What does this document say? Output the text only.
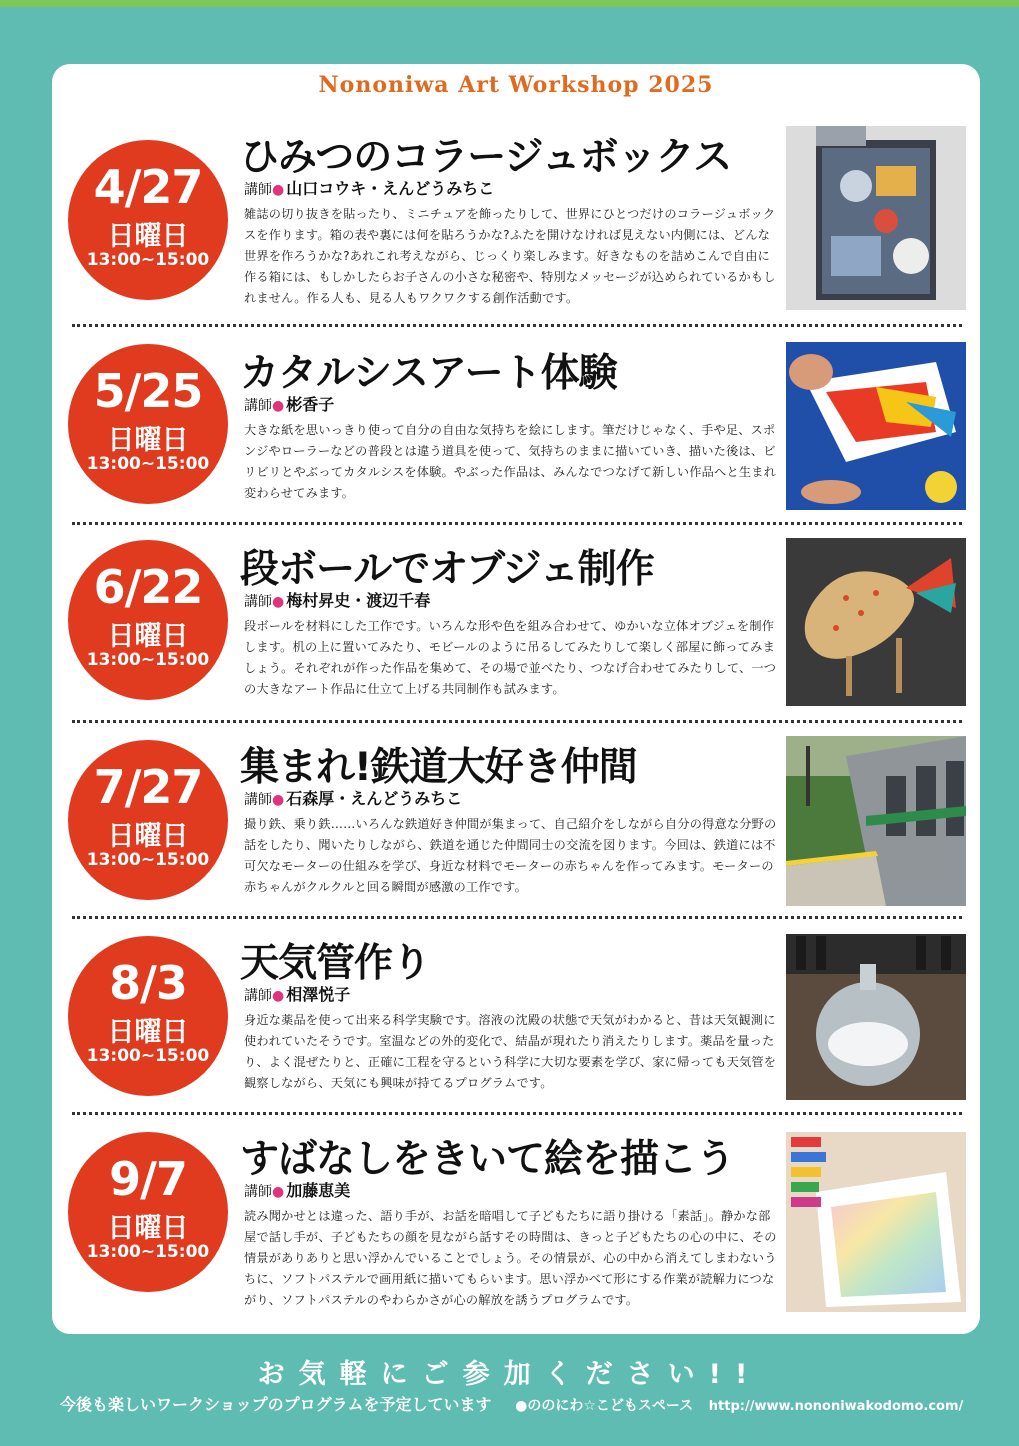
Nononiwa Art Workshop 2025
4/27
日曜日
13:00~15:00
ひみつのコラージュボックス
講師● 山口コウキ・えんどうみちこ
雑誌の切り抜きを貼ったり、ミニチュアを飾ったりして、世界にひとつだけのコラージュボックスを作ります。箱の表や裏には何を貼ろうかな?ふたを開けなければ見えない内側には、どんな世界を作ろうかな?あれこれ考えながら、じっくり楽しみます。好きなものを詰めこんで自由に作る箱には、もしかしたらお子さんの小さな秘密や、特別なメッセージが込められているかもしれません。作る人も、見る人もワクワクする創作活動です。
5/25
日曜日
13:00~15:00
カタルシスアート体験
講師● 彬香子
大きな紙を思いっきり使って自分の自由な気持ちを絵にします。筆だけじゃなく、手や足、スポンジやローラーなどの普段とは違う道具を使って、気持ちのままに描いていき、描いた後は、ビリビリとやぶってカタルシスを体験。やぶった作品は、みんなでつなげて新しい作品へと生まれ変わらせてみます。
6/22
日曜日
13:00~15:00
段ボールでオブジェ制作
講師● 梅村昇史・渡辺千春
段ボールを材料にした工作です。いろんな形や色を組み合わせて、ゆかいな立体オブジェを制作します。机の上に置いてみたり、モビールのように吊るしてみたりして楽しく部屋に飾ってみましょう。それぞれが作った作品を集めて、その場で並べたり、つなげ合わせてみたりして、一つの大きなアート作品に仕立て上げる共同制作も試みます。
7/27
日曜日
13:00~15:00
集まれ!鉄道大好き仲間
講師● 石森厚・えんどうみちこ
撮り鉄、乗り鉄……いろんな鉄道好き仲間が集まって、自己紹介をしながら自分の得意な分野の話をしたり、聞いたりしながら、鉄道を通じた仲間同士の交流を図ります。今回は、鉄道には不可欠なモーターの仕組みを学び、身近な材料でモーターの赤ちゃんを作ってみます。モーターの赤ちゃんがクルクルと回る瞬間が感激の工作です。
8/3
日曜日
13:00~15:00
天気管作り
講師● 相澤悦子
身近な薬品を使って出来る科学実験です。溶液の沈殿の状態で天気がわかると、昔は天気観測に使われていたそうです。室温などの外的変化で、結晶が現れたり消えたりします。薬品を量ったり、よく混ぜたりと、正確に工程を守るという科学に大切な要素を学び、家に帰っても天気管を観察しながら、天気にも興味が持てるプログラムです。
9/7
日曜日
13:00~15:00
すばなしをきいて絵を描こう
講師● 加藤恵美
読み聞かせとは違った、語り手が、お話を暗唱して子どもたちに語り掛ける「素話」。静かな部屋で話し手が、子どもたちの顔を見ながら話すその時間は、きっと子どもたちの心の中に、その情景がありありと思い浮かんでいることでしょう。その情景が、心の中から消えてしまわないうちに、ソフトパステルで画用紙に描いてもらいます。思い浮かべて形にする作業が読解力につながり、ソフトパステルのやわらかさが心の解放を誘うプログラムです。
お気軽にご参加ください!!
今後も楽しいワークショップのプログラムを予定しています ●ののにわ☆こどもスペース http://www.nononiwakodomo.com/
